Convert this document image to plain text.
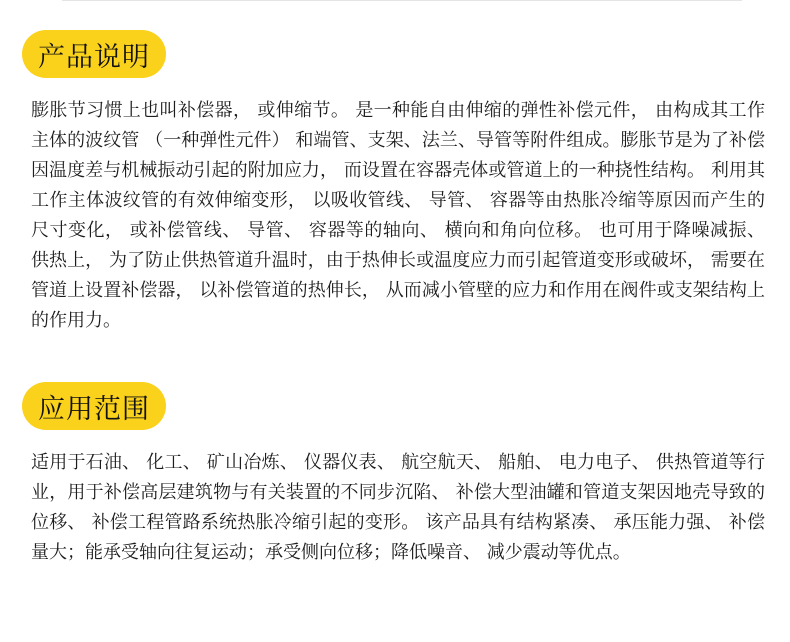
产品说明

膨胀节习惯上也叫补偿器， 或伸缩节。 是一种能自由伸缩的弹性补偿元件， 由构成其工作主体的波纹管 （一种弹性元件） 和端管、支架、法兰、导管等附件组成。膨胀节是为了补偿因温度差与机械振动引起的附加应力， 而设置在容器壳体或管道上的一种挠性结构。 利用其工作主体波纹管的有效伸缩变形， 以吸收管线、 导管、 容器等由热胀冷缩等原因而产生的尺寸变化， 或补偿管线、 导管、 容器等的轴向、 横向和角向位移。 也可用于降噪减振、 供热上， 为了防止供热管道升温时，由于热伸长或温度应力而引起管道变形或破坏， 需要在管道上设置补偿器， 以补偿管道的热伸长， 从而减小管壁的应力和作用在阀件或支架结构上的作用力。

应用范围

适用于石油、 化工、 矿山冶炼、 仪器仪表、 航空航天、 船舶、 电力电子、 供热管道等行业，用于补偿高层建筑物与有关装置的不同步沉陷、 补偿大型油罐和管道支架因地壳导致的位移、 补偿工程管路系统热胀冷缩引起的变形。 该产品具有结构紧凑、 承压能力强、 补偿量大；能承受轴向往复运动；承受侧向位移；降低噪音、 减少震动等优点。
